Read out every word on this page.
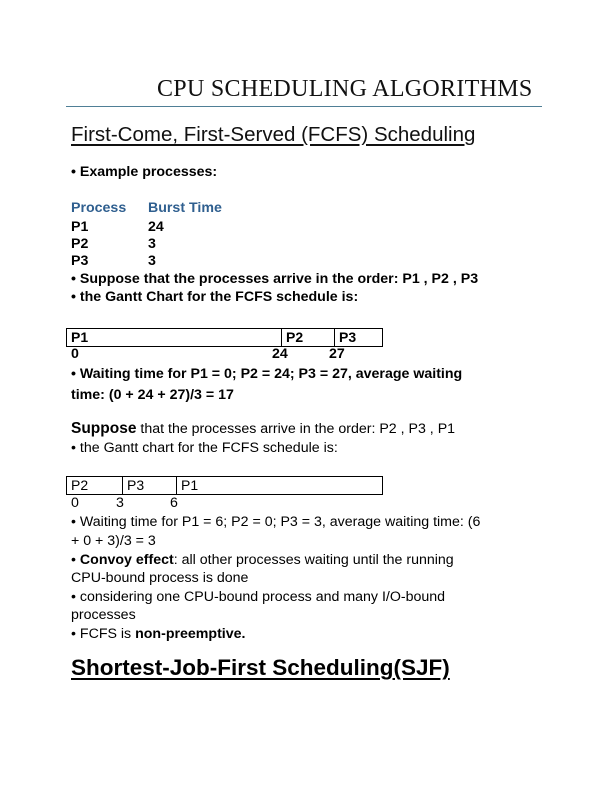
CPU SCHEDULING ALGORITHMS
First-Come, First-Served (FCFS) Scheduling
• Example processes:
Process Burst Time
P1	24
P2	3
P3	3
• Suppose that the processes arrive in the order: P1 , P2 , P3
• the Gantt Chart for the FCFS schedule is:
P1	P2	P3
0	24	27
• Waiting time for P1 = 0; P2 = 24; P3 = 27, average waiting
time: (0 + 24 + 27)/3 = 17
Suppose that the processes arrive in the order: P2 , P3 , P1
• the Gantt chart for the FCFS schedule is:
P2	P3	P1
0	3	6
• Waiting time for P1 = 6; P2 = 0; P3 = 3, average waiting time: (6
+ 0 + 3)/3 = 3
• Convoy effect: all other processes waiting until the running
CPU-bound process is done
• considering one CPU-bound process and many I/O-bound
processes
• FCFS is non-preemptive.
Shortest-Job-First Scheduling(SJF)
